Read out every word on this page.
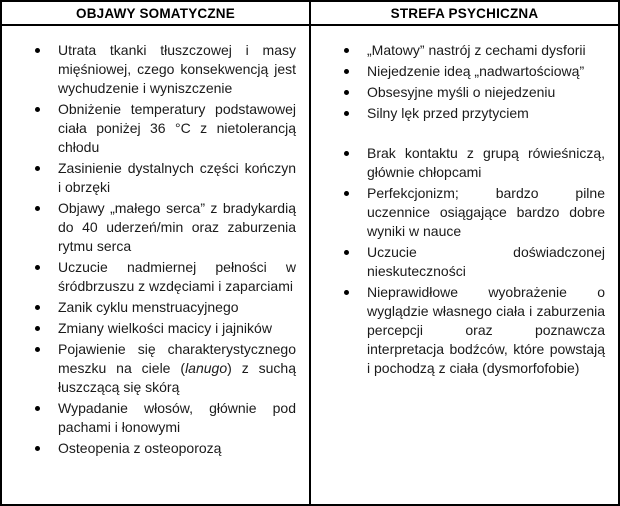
OBJAWY SOMATYCZNE
Utrata tkanki tłuszczowej i masy mięśniowej, czego konsekwencją jest wychudzenie i wyniszczenie
Obniżenie temperatury podstawowej ciała poniżej 36 °C z nietolerancją chłodu
Zasinienie dystalnych części kończyn i obrzęki
Objawy „małego serca” z bradykardią do 40 uderzeń/min oraz zaburzenia rytmu serca
Uczucie nadmiernej pełności w śródbrzuszu z wzdęciami i zaparciami
Zanik cyklu menstruacyjnego
Zmiany wielkości macicy i jajników
Pojawienie się charakterystycznego meszku na ciele (lanugo) z suchą łuszczącą się skórą
Wypadanie włosów, głównie pod pachami i łonowymi
Osteopenia z osteoporozą
STREFA PSYCHICZNA
„Matowy” nastrój z cechami dysforii
Niejedzenie ideą „nadwartościową”
Obsesyjne myśli o niejedzeniu
Silny lęk przed przytyciem
Brak kontaktu z grupą rówieśniczą, głównie chłopcami
Perfekcjonizm; bardzo pilne uczennice osiągające bardzo dobre wyniki w nauce
Uczucie doświadczonej nieskuteczności
Nieprawidłowe wyobrażenie o wyglądzie własnego ciała i zaburzenia percepcji oraz poznawcza interpretacja bodźców, które powstają i pochodzą z ciała (dysmorfofobie)
